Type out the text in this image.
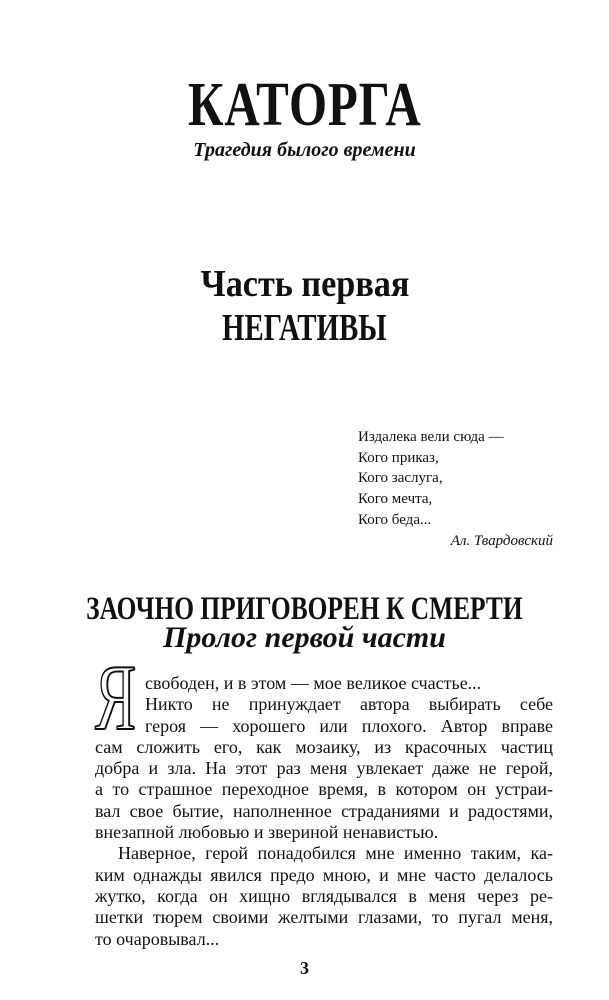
КАТОРГА
Трагедия былого времени
Часть первая
НЕГАТИВЫ
Издалека вели сюда —
Кого приказ,
Кого заслуга,
Кого мечта,
Кого беда...
Ал. Твардовский
ЗАОЧНО ПРИГОВОРЕН К СМЕРТИ
Пролог первой части
Я свободен, и в этом — мое великое счастье...
Никто не принуждает автора выбирать себе
героя — хорошего или плохого. Автор вправе
сам сложить его, как мозаику, из красочных частиц
добра и зла. На этот раз меня увлекает даже не герой,
а то страшное переходное время, в котором он устраи-
вал свое бытие, наполненное страданиями и радостями,
внезапной любовью и звериной ненавистью.
Наверное, герой понадобился мне именно таким, ка-
ким однажды явился предо мною, и мне часто делалось
жутко, когда он хищно вглядывался в меня через ре-
шетки тюрем своими желтыми глазами, то пугал меня,
то очаровывал...
3
